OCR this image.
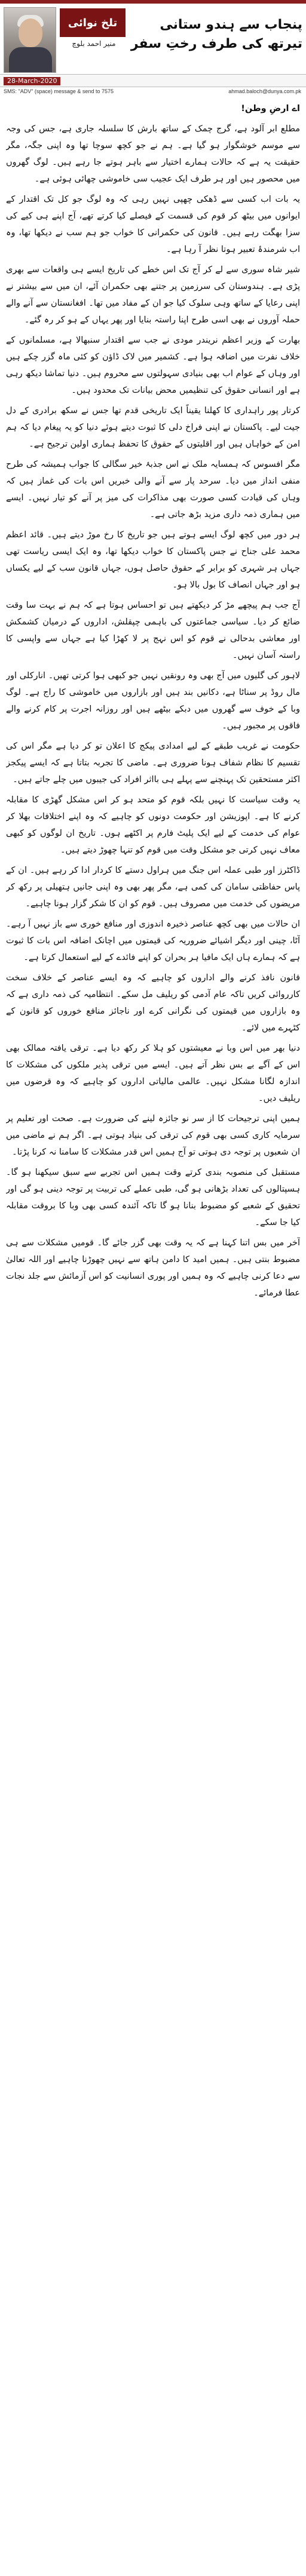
تلخ نوائی
منیر احمد بلوچ
پنجاب سے ہندو ستانی تیرتھ کی طرف رختِ سفر
28-March-2020
SMS: "ADV" (space) message & send to 7575	ahmad.baloch@dunya.com.pk

اے ارضِ وطن!

مطلع ابر آلود ہے، گرج چمک کے ساتھ بارش کا سلسلہ جاری ہے، جس کی وجہ سے موسم خوشگوار ہو گیا ہے۔ ہم نے جو کچھ سوچا تھا وہ اپنی جگہ، مگر حقیقت یہ ہے کہ حالات ہمارے اختیار سے باہر ہوتے جا رہے ہیں۔ لوگ گھروں میں محصور ہیں اور ہر طرف ایک عجیب سی خاموشی چھائی ہوئی ہے۔

یہ بات اب کسی سے ڈھکی چھپی نہیں رہی کہ وہ لوگ جو کل تک اقتدار کے ایوانوں میں بیٹھ کر قوم کی قسمت کے فیصلے کیا کرتے تھے، آج اپنے ہی کیے کی سزا بھگت رہے ہیں۔ قانون کی حکمرانی کا خواب جو ہم سب نے دیکھا تھا، وہ اب شرمندۂ تعبیر ہوتا نظر آ رہا ہے۔

شیر شاہ سوری سے لے کر آج تک اس خطے کی تاریخ ایسے ہی واقعات سے بھری پڑی ہے۔ ہندوستان کی سرزمین پر جتنے بھی حکمران آئے، ان میں سے بیشتر نے اپنی رعایا کے ساتھ وہی سلوک کیا جو ان کے مفاد میں تھا۔ افغانستان سے آنے والے حملہ آوروں نے بھی اسی طرح اپنا راستہ بنایا اور پھر یہاں کے ہو کر رہ گئے۔

بھارت کے وزیر اعظم نریندر مودی نے جب سے اقتدار سنبھالا ہے، مسلمانوں کے خلاف نفرت میں اضافہ ہوا ہے۔ کشمیر میں لاک ڈاؤن کو کئی ماہ گزر چکے ہیں اور وہاں کے عوام اب بھی بنیادی سہولتوں سے محروم ہیں۔ دنیا تماشا دیکھ رہی ہے اور انسانی حقوق کی تنظیمیں محض بیانات تک محدود ہیں۔

کرتار پور راہداری کا کھلنا یقیناً ایک تاریخی قدم تھا جس نے سکھ برادری کے دل جیت لیے۔ پاکستان نے اپنی فراخ دلی کا ثبوت دیتے ہوئے دنیا کو یہ پیغام دیا کہ ہم امن کے خواہاں ہیں اور اقلیتوں کے حقوق کا تحفظ ہماری اولین ترجیح ہے۔

مگر افسوس کہ ہمسایہ ملک نے اس جذبۂ خیر سگالی کا جواب ہمیشہ کی طرح منفی انداز میں دیا۔ سرحد پار سے آنے والی خبریں اس بات کی غماز ہیں کہ وہاں کی قیادت کسی صورت بھی مذاکرات کی میز پر آنے کو تیار نہیں۔ ایسے میں ہماری ذمہ داری مزید بڑھ جاتی ہے۔

ہر دور میں کچھ لوگ ایسے ہوتے ہیں جو تاریخ کا رخ موڑ دیتے ہیں۔ قائد اعظم محمد علی جناح نے جس پاکستان کا خواب دیکھا تھا، وہ ایک ایسی ریاست تھی جہاں ہر شہری کو برابر کے حقوق حاصل ہوں، جہاں قانون سب کے لیے یکساں ہو اور جہاں انصاف کا بول بالا ہو۔

آج جب ہم پیچھے مڑ کر دیکھتے ہیں تو احساس ہوتا ہے کہ ہم نے بہت سا وقت ضائع کر دیا۔ سیاسی جماعتوں کی باہمی چپقلش، اداروں کے درمیان کشمکش اور معاشی بدحالی نے قوم کو اس نہج پر لا کھڑا کیا ہے جہاں سے واپسی کا راستہ آسان نہیں۔

لاہور کی گلیوں میں آج بھی وہ رونقیں نہیں جو کبھی ہوا کرتی تھیں۔ انارکلی اور مال روڈ پر سناٹا ہے، دکانیں بند ہیں اور بازاروں میں خاموشی کا راج ہے۔ لوگ وبا کے خوف سے گھروں میں دبکے بیٹھے ہیں اور روزانہ اجرت پر کام کرنے والے فاقوں پر مجبور ہیں۔

حکومت نے غریب طبقے کے لیے امدادی پیکج کا اعلان تو کر دیا ہے مگر اس کی تقسیم کا نظام شفاف ہونا ضروری ہے۔ ماضی کا تجربہ بتاتا ہے کہ ایسے پیکجز اکثر مستحقین تک پہنچنے سے پہلے ہی بااثر افراد کی جیبوں میں چلے جاتے ہیں۔

یہ وقت سیاست کا نہیں بلکہ قوم کو متحد ہو کر اس مشکل گھڑی کا مقابلہ کرنے کا ہے۔ اپوزیشن اور حکومت دونوں کو چاہیے کہ وہ اپنے اختلافات بھلا کر عوام کی خدمت کے لیے ایک پلیٹ فارم پر اکٹھے ہوں۔ تاریخ ان لوگوں کو کبھی معاف نہیں کرتی جو مشکل وقت میں قوم کو تنہا چھوڑ دیتے ہیں۔

ڈاکٹرز اور طبی عملہ اس جنگ میں ہراول دستے کا کردار ادا کر رہے ہیں۔ ان کے پاس حفاظتی سامان کی کمی ہے، مگر پھر بھی وہ اپنی جانیں ہتھیلی پر رکھ کر مریضوں کی خدمت میں مصروف ہیں۔ قوم کو ان کا شکر گزار ہونا چاہیے۔

ان حالات میں بھی کچھ عناصر ذخیرہ اندوزی اور منافع خوری سے باز نہیں آ رہے۔ آٹا، چینی اور دیگر اشیائے ضروریہ کی قیمتوں میں اچانک اضافہ اس بات کا ثبوت ہے کہ ہمارے ہاں ایک مافیا ہر بحران کو اپنے فائدے کے لیے استعمال کرتا ہے۔

قانون نافذ کرنے والے اداروں کو چاہیے کہ وہ ایسے عناصر کے خلاف سخت کارروائی کریں تاکہ عام آدمی کو ریلیف مل سکے۔ انتظامیہ کی ذمہ داری ہے کہ وہ بازاروں میں قیمتوں کی نگرانی کرے اور ناجائز منافع خوروں کو قانون کے کٹہرے میں لائے۔

دنیا بھر میں اس وبا نے معیشتوں کو ہلا کر رکھ دیا ہے۔ ترقی یافتہ ممالک بھی اس کے آگے بے بس نظر آتے ہیں۔ ایسے میں ترقی پذیر ملکوں کی مشکلات کا اندازہ لگانا مشکل نہیں۔ عالمی مالیاتی اداروں کو چاہیے کہ وہ قرضوں میں ریلیف دیں۔

ہمیں اپنی ترجیحات کا از سر نو جائزہ لینے کی ضرورت ہے۔ صحت اور تعلیم پر سرمایہ کاری کسی بھی قوم کی ترقی کی بنیاد ہوتی ہے۔ اگر ہم نے ماضی میں ان شعبوں پر توجہ دی ہوتی تو آج ہمیں اس قدر مشکلات کا سامنا نہ کرنا پڑتا۔

مستقبل کی منصوبہ بندی کرتے وقت ہمیں اس تجربے سے سبق سیکھنا ہو گا۔ ہسپتالوں کی تعداد بڑھانی ہو گی، طبی عملے کی تربیت پر توجہ دینی ہو گی اور تحقیق کے شعبے کو مضبوط بنانا ہو گا تاکہ آئندہ کسی بھی وبا کا بروقت مقابلہ کیا جا سکے۔

آخر میں بس اتنا کہنا ہے کہ یہ وقت بھی گزر جائے گا۔ قومیں مشکلات سے ہی مضبوط بنتی ہیں۔ ہمیں امید کا دامن ہاتھ سے نہیں چھوڑنا چاہیے اور اللہ تعالیٰ سے دعا کرنی چاہیے کہ وہ ہمیں اور پوری انسانیت کو اس آزمائش سے جلد نجات عطا فرمائے۔
